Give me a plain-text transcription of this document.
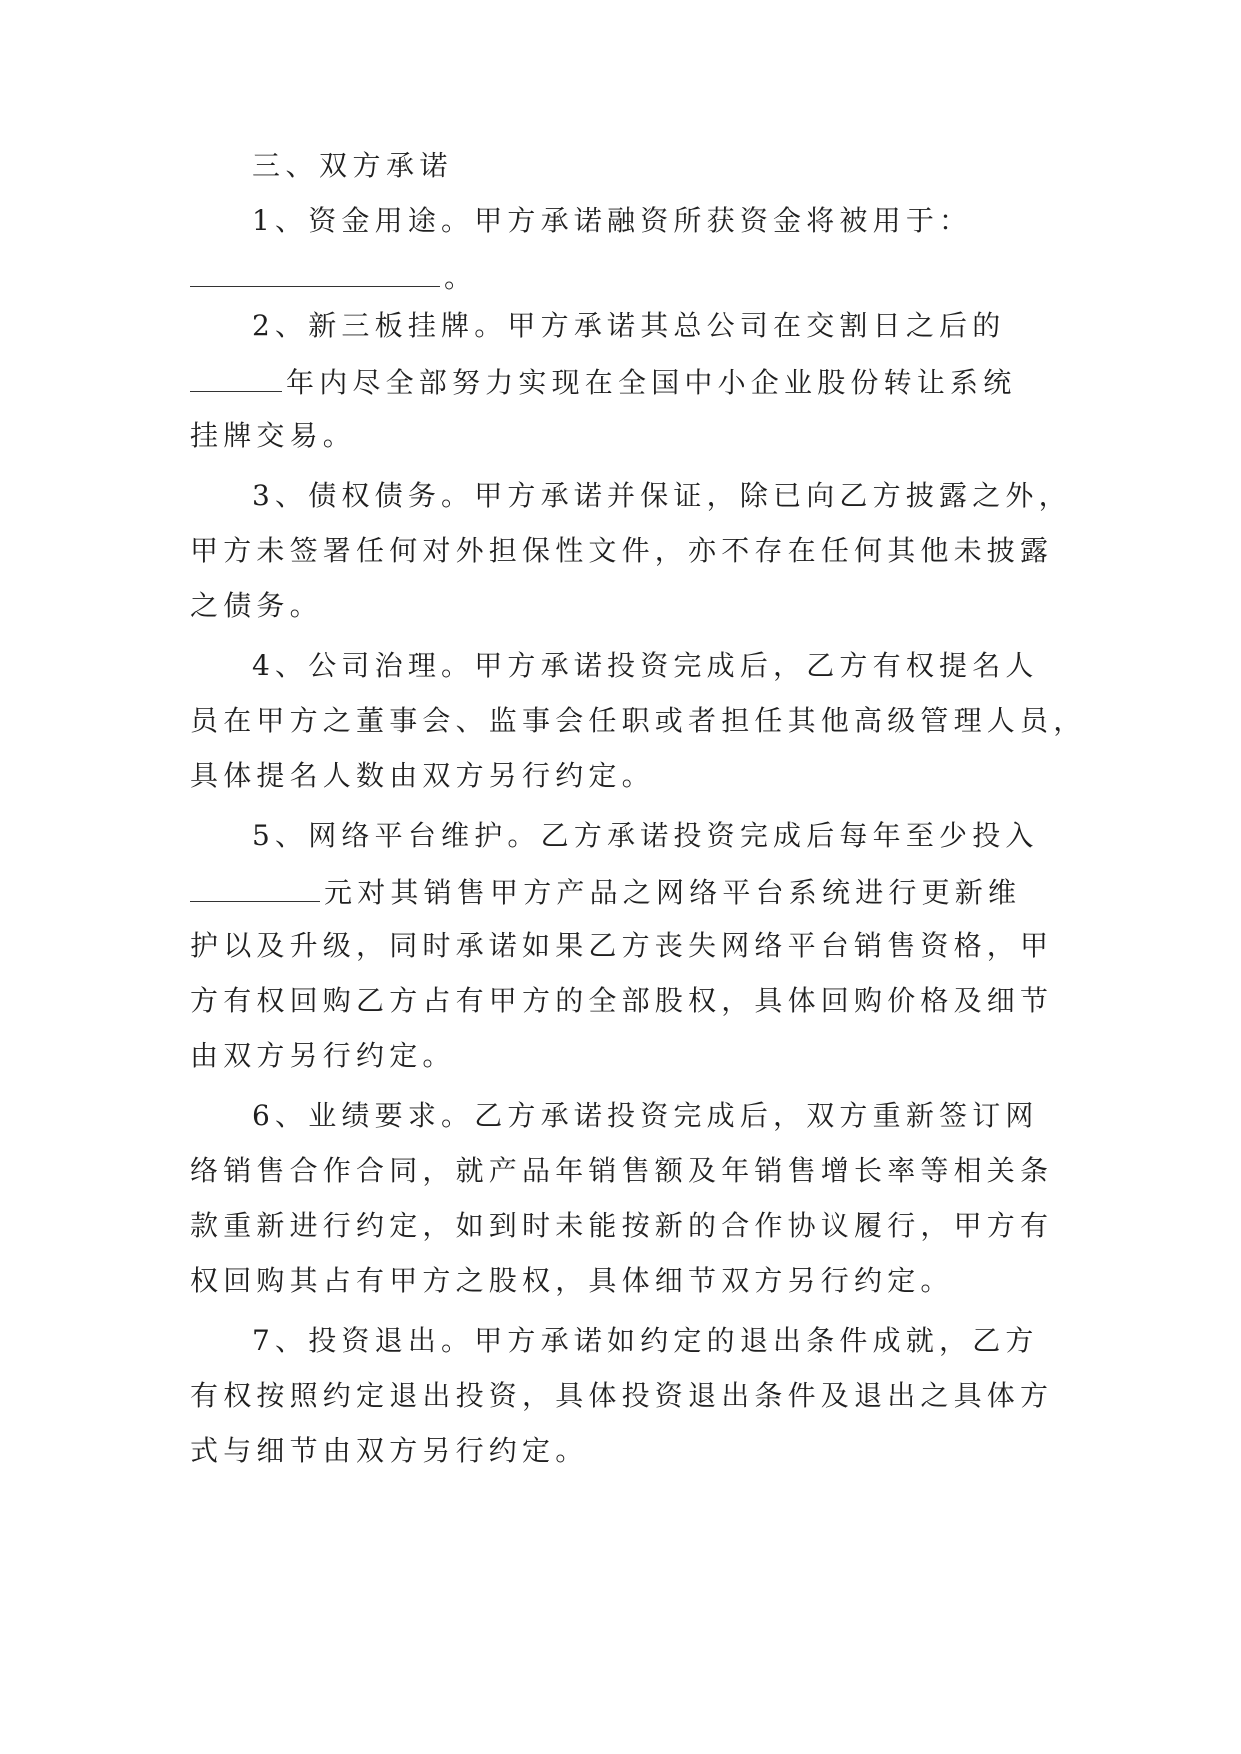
三、双方承诺

1、资金用途。甲方承诺融资所获资金将被用于：

。

2、新三板挂牌。甲方承诺其总公司在交割日之后的

年内尽全部努力实现在全国中小企业股份转让系统

挂牌交易。

3、债权债务。甲方承诺并保证，除已向乙方披露之外，

甲方未签署任何对外担保性文件，亦不存在任何其他未披露

之债务。

4、公司治理。甲方承诺投资完成后，乙方有权提名人

员在甲方之董事会、监事会任职或者担任其他高级管理人员，

具体提名人数由双方另行约定。

5、网络平台维护。乙方承诺投资完成后每年至少投入

元对其销售甲方产品之网络平台系统进行更新维

护以及升级，同时承诺如果乙方丧失网络平台销售资格，甲

方有权回购乙方占有甲方的全部股权，具体回购价格及细节

由双方另行约定。

6、业绩要求。乙方承诺投资完成后，双方重新签订网

络销售合作合同，就产品年销售额及年销售增长率等相关条

款重新进行约定，如到时未能按新的合作协议履行，甲方有

权回购其占有甲方之股权，具体细节双方另行约定。

7、投资退出。甲方承诺如约定的退出条件成就，乙方

有权按照约定退出投资，具体投资退出条件及退出之具体方

式与细节由双方另行约定。
